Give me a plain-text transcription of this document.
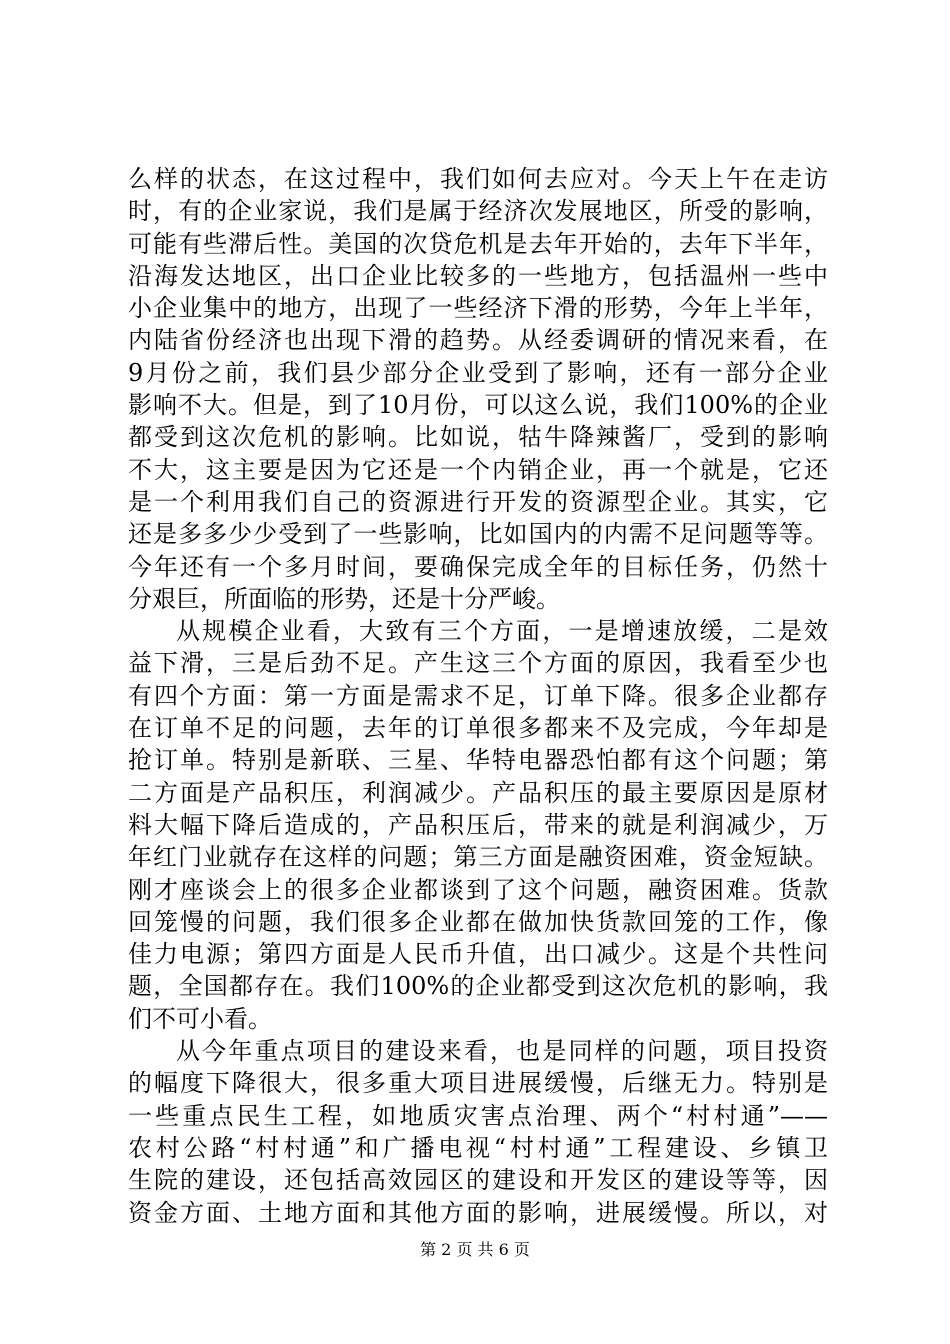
么样的状态，在这过程中，我们如何去应对。今天上午在走访
时，有的企业家说，我们是属于经济次发展地区，所受的影响，
可能有些滞后性。美国的次贷危机是去年开始的，去年下半年，
沿海发达地区，出口企业比较多的一些地方，包括温州一些中
小企业集中的地方，出现了一些经济下滑的形势，今年上半年，
内陆省份经济也出现下滑的趋势。从经委调研的情况来看，在
9月份之前，我们县少部分企业受到了影响，还有一部分企业
影响不大。但是，到了10月份，可以这么说，我们100%的企业
都受到这次危机的影响。比如说，牯牛降辣酱厂，受到的影响
不大，这主要是因为它还是一个内销企业，再一个就是，它还
是一个利用我们自己的资源进行开发的资源型企业。其实，它
还是多多少少受到了一些影响，比如国内的内需不足问题等等。
今年还有一个多月时间，要确保完成全年的目标任务，仍然十
分艰巨，所面临的形势，还是十分严峻。
从规模企业看，大致有三个方面，一是增速放缓，二是效
益下滑，三是后劲不足。产生这三个方面的原因，我看至少也
有四个方面：第一方面是需求不足，订单下降。很多企业都存
在订单不足的问题，去年的订单很多都来不及完成，今年却是
抢订单。特别是新联、三星、华特电器恐怕都有这个问题；第
二方面是产品积压，利润减少。产品积压的最主要原因是原材
料大幅下降后造成的，产品积压后，带来的就是利润减少，万
年红门业就存在这样的问题；第三方面是融资困难，资金短缺。
刚才座谈会上的很多企业都谈到了这个问题，融资困难。货款
回笼慢的问题，我们很多企业都在做加快货款回笼的工作，像
佳力电源；第四方面是人民币升值，出口减少。这是个共性问
题，全国都存在。我们100%的企业都受到这次危机的影响，我
们不可小看。
从今年重点项目的建设来看，也是同样的问题，项目投资
的幅度下降很大，很多重大项目进展缓慢，后继无力。特别是
一些重点民生工程，如地质灾害点治理、两个“村村通”——
农村公路“村村通”和广播电视“村村通”工程建设、乡镇卫
生院的建设，还包括高效园区的建设和开发区的建设等等，因
资金方面、土地方面和其他方面的影响，进展缓慢。所以，对
第 2 页 共 6 页
